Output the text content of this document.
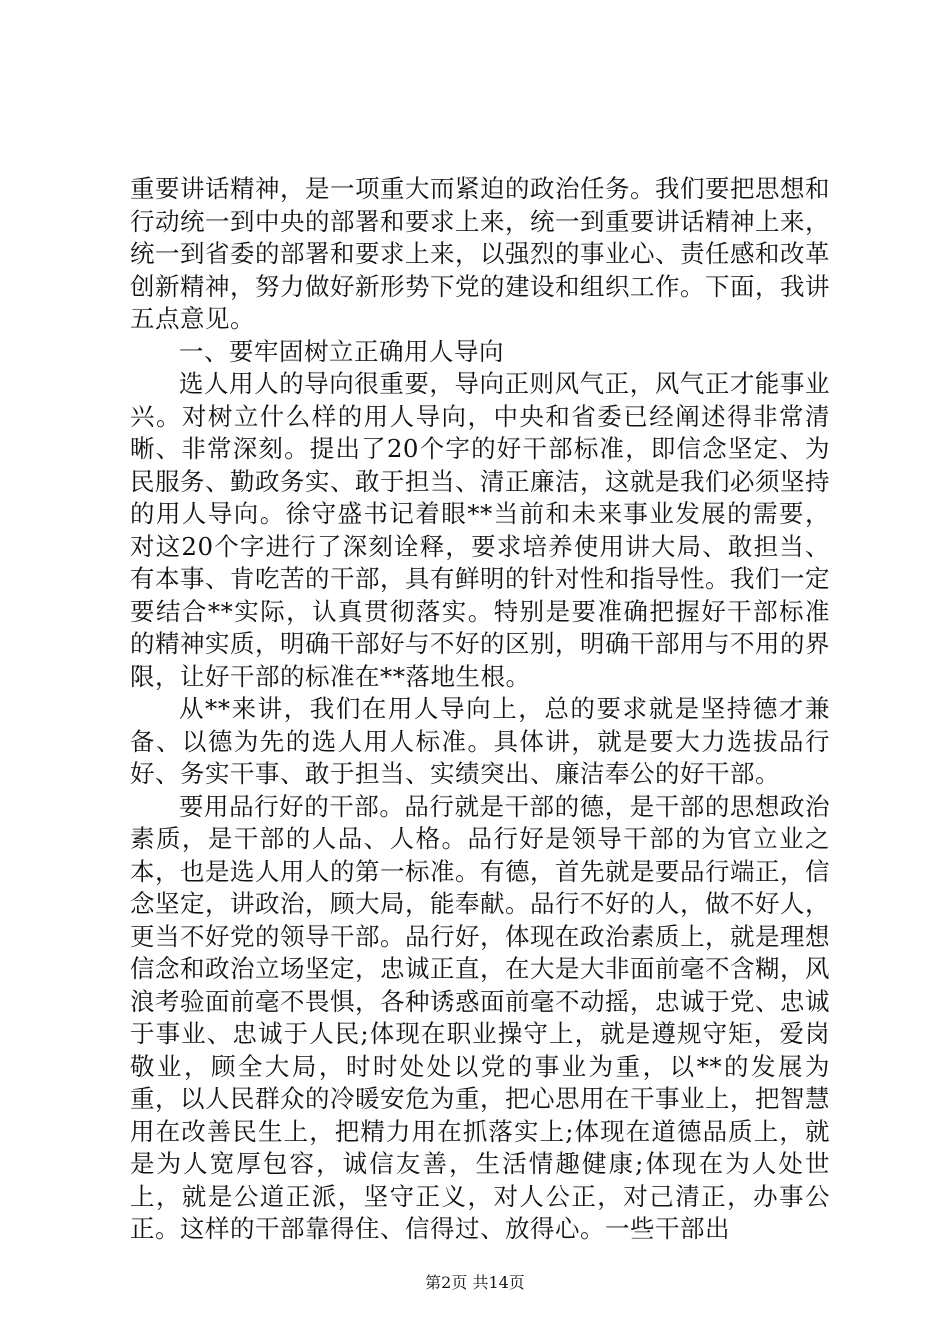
重要讲话精神，是一项重大而紧迫的政治任务。我们要把思想和行动统一到中央的部署和要求上来，统一到重要讲话精神上来，统一到省委的部署和要求上来，以强烈的事业心、责任感和改革创新精神，努力做好新形势下党的建设和组织工作。下面，我讲五点意见。

一、要牢固树立正确用人导向

选人用人的导向很重要，导向正则风气正，风气正才能事业兴。对树立什么样的用人导向，中央和省委已经阐述得非常清晰、非常深刻。提出了20个字的好干部标准，即信念坚定、为民服务、勤政务实、敢于担当、清正廉洁，这就是我们必须坚持的用人导向。徐守盛书记着眼**当前和未来事业发展的需要，对这20个字进行了深刻诠释，要求培养使用讲大局、敢担当、有本事、肯吃苦的干部，具有鲜明的针对性和指导性。我们一定要结合**实际，认真贯彻落实。特别是要准确把握好干部标准的精神实质，明确干部好与不好的区别，明确干部用与不用的界限，让好干部的标准在**落地生根。

从**来讲，我们在用人导向上，总的要求就是坚持德才兼备、以德为先的选人用人标准。具体讲，就是要大力选拔品行好、务实干事、敢于担当、实绩突出、廉洁奉公的好干部。

要用品行好的干部。品行就是干部的德，是干部的思想政治素质，是干部的人品、人格。品行好是领导干部的为官立业之本，也是选人用人的第一标准。有德，首先就是要品行端正，信念坚定，讲政治，顾大局，能奉献。品行不好的人，做不好人，更当不好党的领导干部。品行好，体现在政治素质上，就是理想信念和政治立场坚定，忠诚正直，在大是大非面前毫不含糊，风浪考验面前毫不畏惧，各种诱惑面前毫不动摇，忠诚于党、忠诚于事业、忠诚于人民;体现在职业操守上，就是遵规守矩，爱岗敬业，顾全大局，时时处处以党的事业为重，以**的发展为重，以人民群众的冷暖安危为重，把心思用在干事业上，把智慧用在改善民生上，把精力用在抓落实上;体现在道德品质上，就是为人宽厚包容，诚信友善，生活情趣健康;体现在为人处世上，就是公道正派，坚守正义，对人公正，对己清正，办事公正。这样的干部靠得住、信得过、放得心。一些干部出

第2页 共14页
